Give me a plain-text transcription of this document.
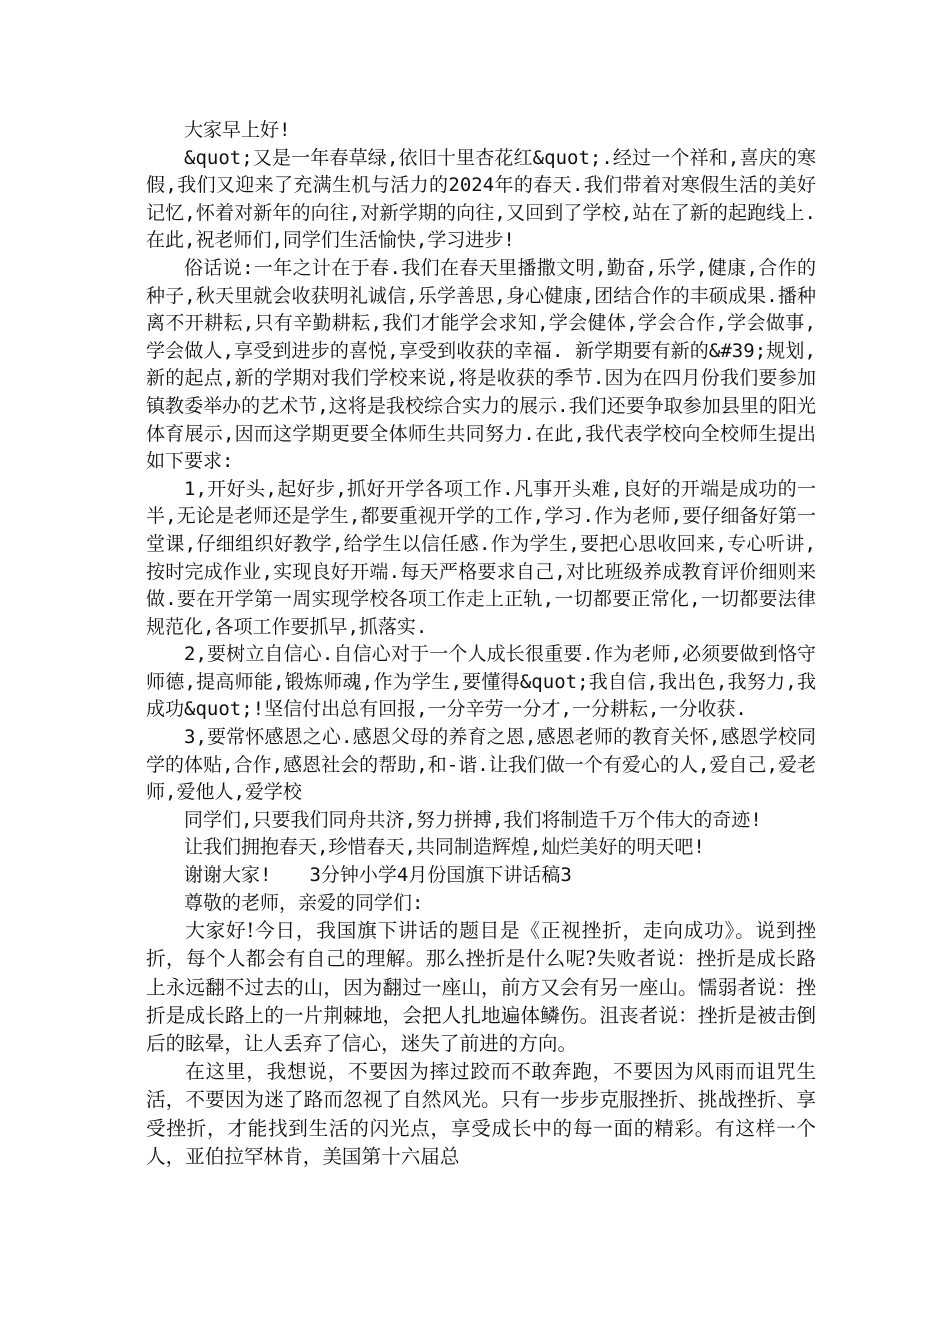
大家早上好!

&quot;又是一年春草绿,依旧十里杏花红&quot;.经过一个祥和,喜庆的寒假,我们又迎来了充满生机与活力的2024年的春天.我们带着对寒假生活的美好记忆,怀着对新年的向往,对新学期的向往,又回到了学校,站在了新的起跑线上.在此,祝老师们,同学们生活愉快,学习进步!

俗话说:一年之计在于春.我们在春天里播撒文明,勤奋,乐学,健康,合作的种子,秋天里就会收获明礼诚信,乐学善思,身心健康,团结合作的丰硕成果.播种离不开耕耘,只有辛勤耕耘,我们才能学会求知,学会健体,学会合作,学会做事,学会做人,享受到进步的喜悦,享受到收获的幸福. 新学期要有新的&#39;规划,新的起点,新的学期对我们学校来说,将是收获的季节.因为在四月份我们要参加镇教委举办的艺术节,这将是我校综合实力的展示.我们还要争取参加县里的阳光体育展示,因而这学期更要全体师生共同努力.在此,我代表学校向全校师生提出如下要求:

1,开好头,起好步,抓好开学各项工作.凡事开头难,良好的开端是成功的一半,无论是老师还是学生,都要重视开学的工作,学习.作为老师,要仔细备好第一堂课,仔细组织好教学,给学生以信任感.作为学生,要把心思收回来,专心听讲,按时完成作业,实现良好开端.每天严格要求自己,对比班级养成教育评价细则来做.要在开学第一周实现学校各项工作走上正轨,一切都要正常化,一切都要法律规范化,各项工作要抓早,抓落实.

2,要树立自信心.自信心对于一个人成长很重要.作为老师,必须要做到恪守师德,提高师能,锻炼师魂,作为学生,要懂得&quot;我自信,我出色,我努力,我成功&quot;!坚信付出总有回报,一分辛劳一分才,一分耕耘,一分收获.

3,要常怀感恩之心.感恩父母的养育之恩,感恩老师的教育关怀,感恩学校同学的体贴,合作,感恩社会的帮助,和-谐.让我们做一个有爱心的人,爱自己,爱老师,爱他人,爱学校

同学们,只要我们同舟共济,努力拼搏,我们将制造千万个伟大的奇迹!

让我们拥抱春天,珍惜春天,共同制造辉煌,灿烂美好的明天吧!

谢谢大家!　　3分钟小学4月份国旗下讲话稿3

尊敬的老师，亲爱的同学们:

大家好!今日，我国旗下讲话的题目是《正视挫折，走向成功》。说到挫折，每个人都会有自己的理解。那么挫折是什么呢?失败者说：挫折是成长路上永远翻不过去的山，因为翻过一座山，前方又会有另一座山。懦弱者说：挫折是成长路上的一片荆棘地，会把人扎地遍体鳞伤。沮丧者说：挫折是被击倒后的眩晕，让人丢弃了信心，迷失了前进的方向。

在这里，我想说，不要因为摔过跤而不敢奔跑，不要因为风雨而诅咒生活，不要因为迷了路而忽视了自然风光。只有一步步克服挫折、挑战挫折、享受挫折，才能找到生活的闪光点，享受成长中的每一面的精彩。有这样一个人，亚伯拉罕林肯，美国第十六届总
